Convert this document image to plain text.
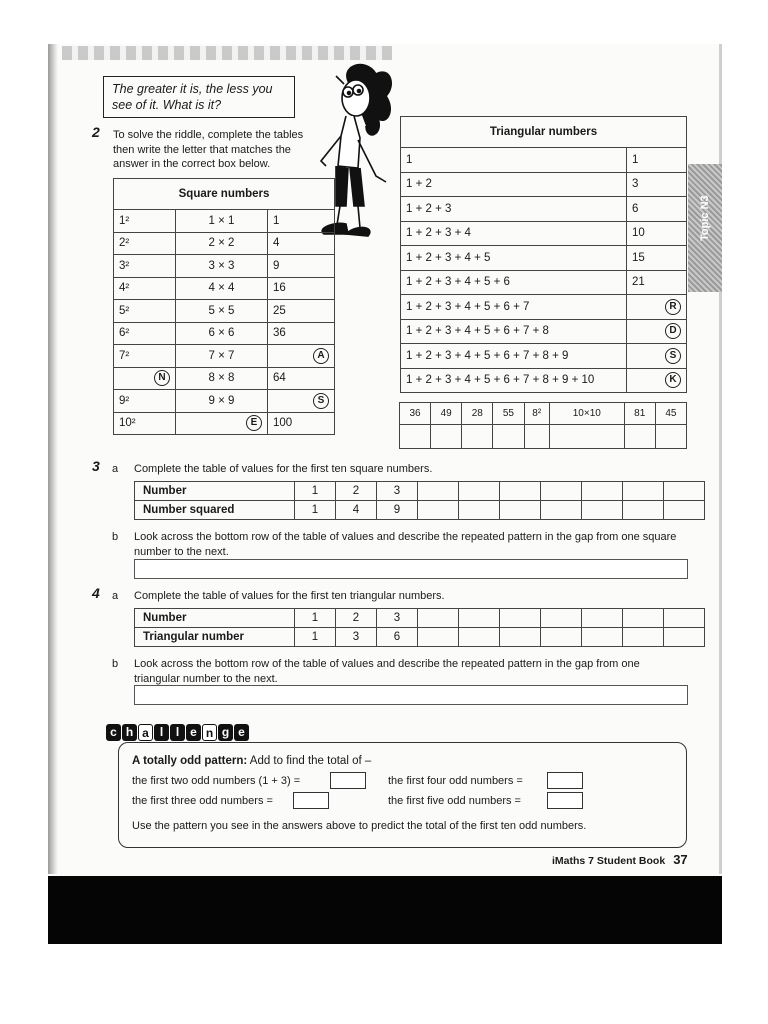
Topic N3
The greater it is, the less you see of it. What is it?
2 To solve the riddle, complete the tables then write the letter that matches the answer in the correct box below.
Square numbers		
1²	1 × 1	1
2²	2 × 2	4
3²	3 × 3	9
4²	4 × 4	16
5²	5 × 5	25
6²	6 × 6	36
7²	7 × 7	A
N	8 × 8	64
9²	9 × 9	S
10²	E	100
Triangular numbers	
1	1
1 + 2	3
1 + 2 + 3	6
1 + 2 + 3 + 4	10
1 + 2 + 3 + 4 + 5	15
1 + 2 + 3 + 4 + 5 + 6	21
1 + 2 + 3 + 4 + 5 + 6 + 7	R
1 + 2 + 3 + 4 + 5 + 6 + 7 + 8	D
1 + 2 + 3 + 4 + 5 + 6 + 7 + 8 + 9	S
1 + 2 + 3 + 4 + 5 + 6 + 7 + 8 + 9 + 10	K
36	49	28	55	8²	10×10	81	45

3 a Complete the table of values for the first ten square numbers.
Number	1	2	3							
Number squared	1	4	9							
b Look across the bottom row of the table of values and describe the repeated pattern in the gap from one square number to the next.
4 a Complete the table of values for the first ten triangular numbers.
Number	1	2	3							
Triangular number	1	3	6							
b Look across the bottom row of the table of values and describe the repeated pattern in the gap from one triangular number to the next.
c h a l	l e n g e
A totally odd pattern: Add to find the total of –
the first two odd numbers (1 + 3) =
the first three odd numbers =
the first four odd numbers =
the first five odd numbers =
Use the pattern you see in the answers above to predict the total of the first ten odd numbers.
iMaths 7 Student Book 37
